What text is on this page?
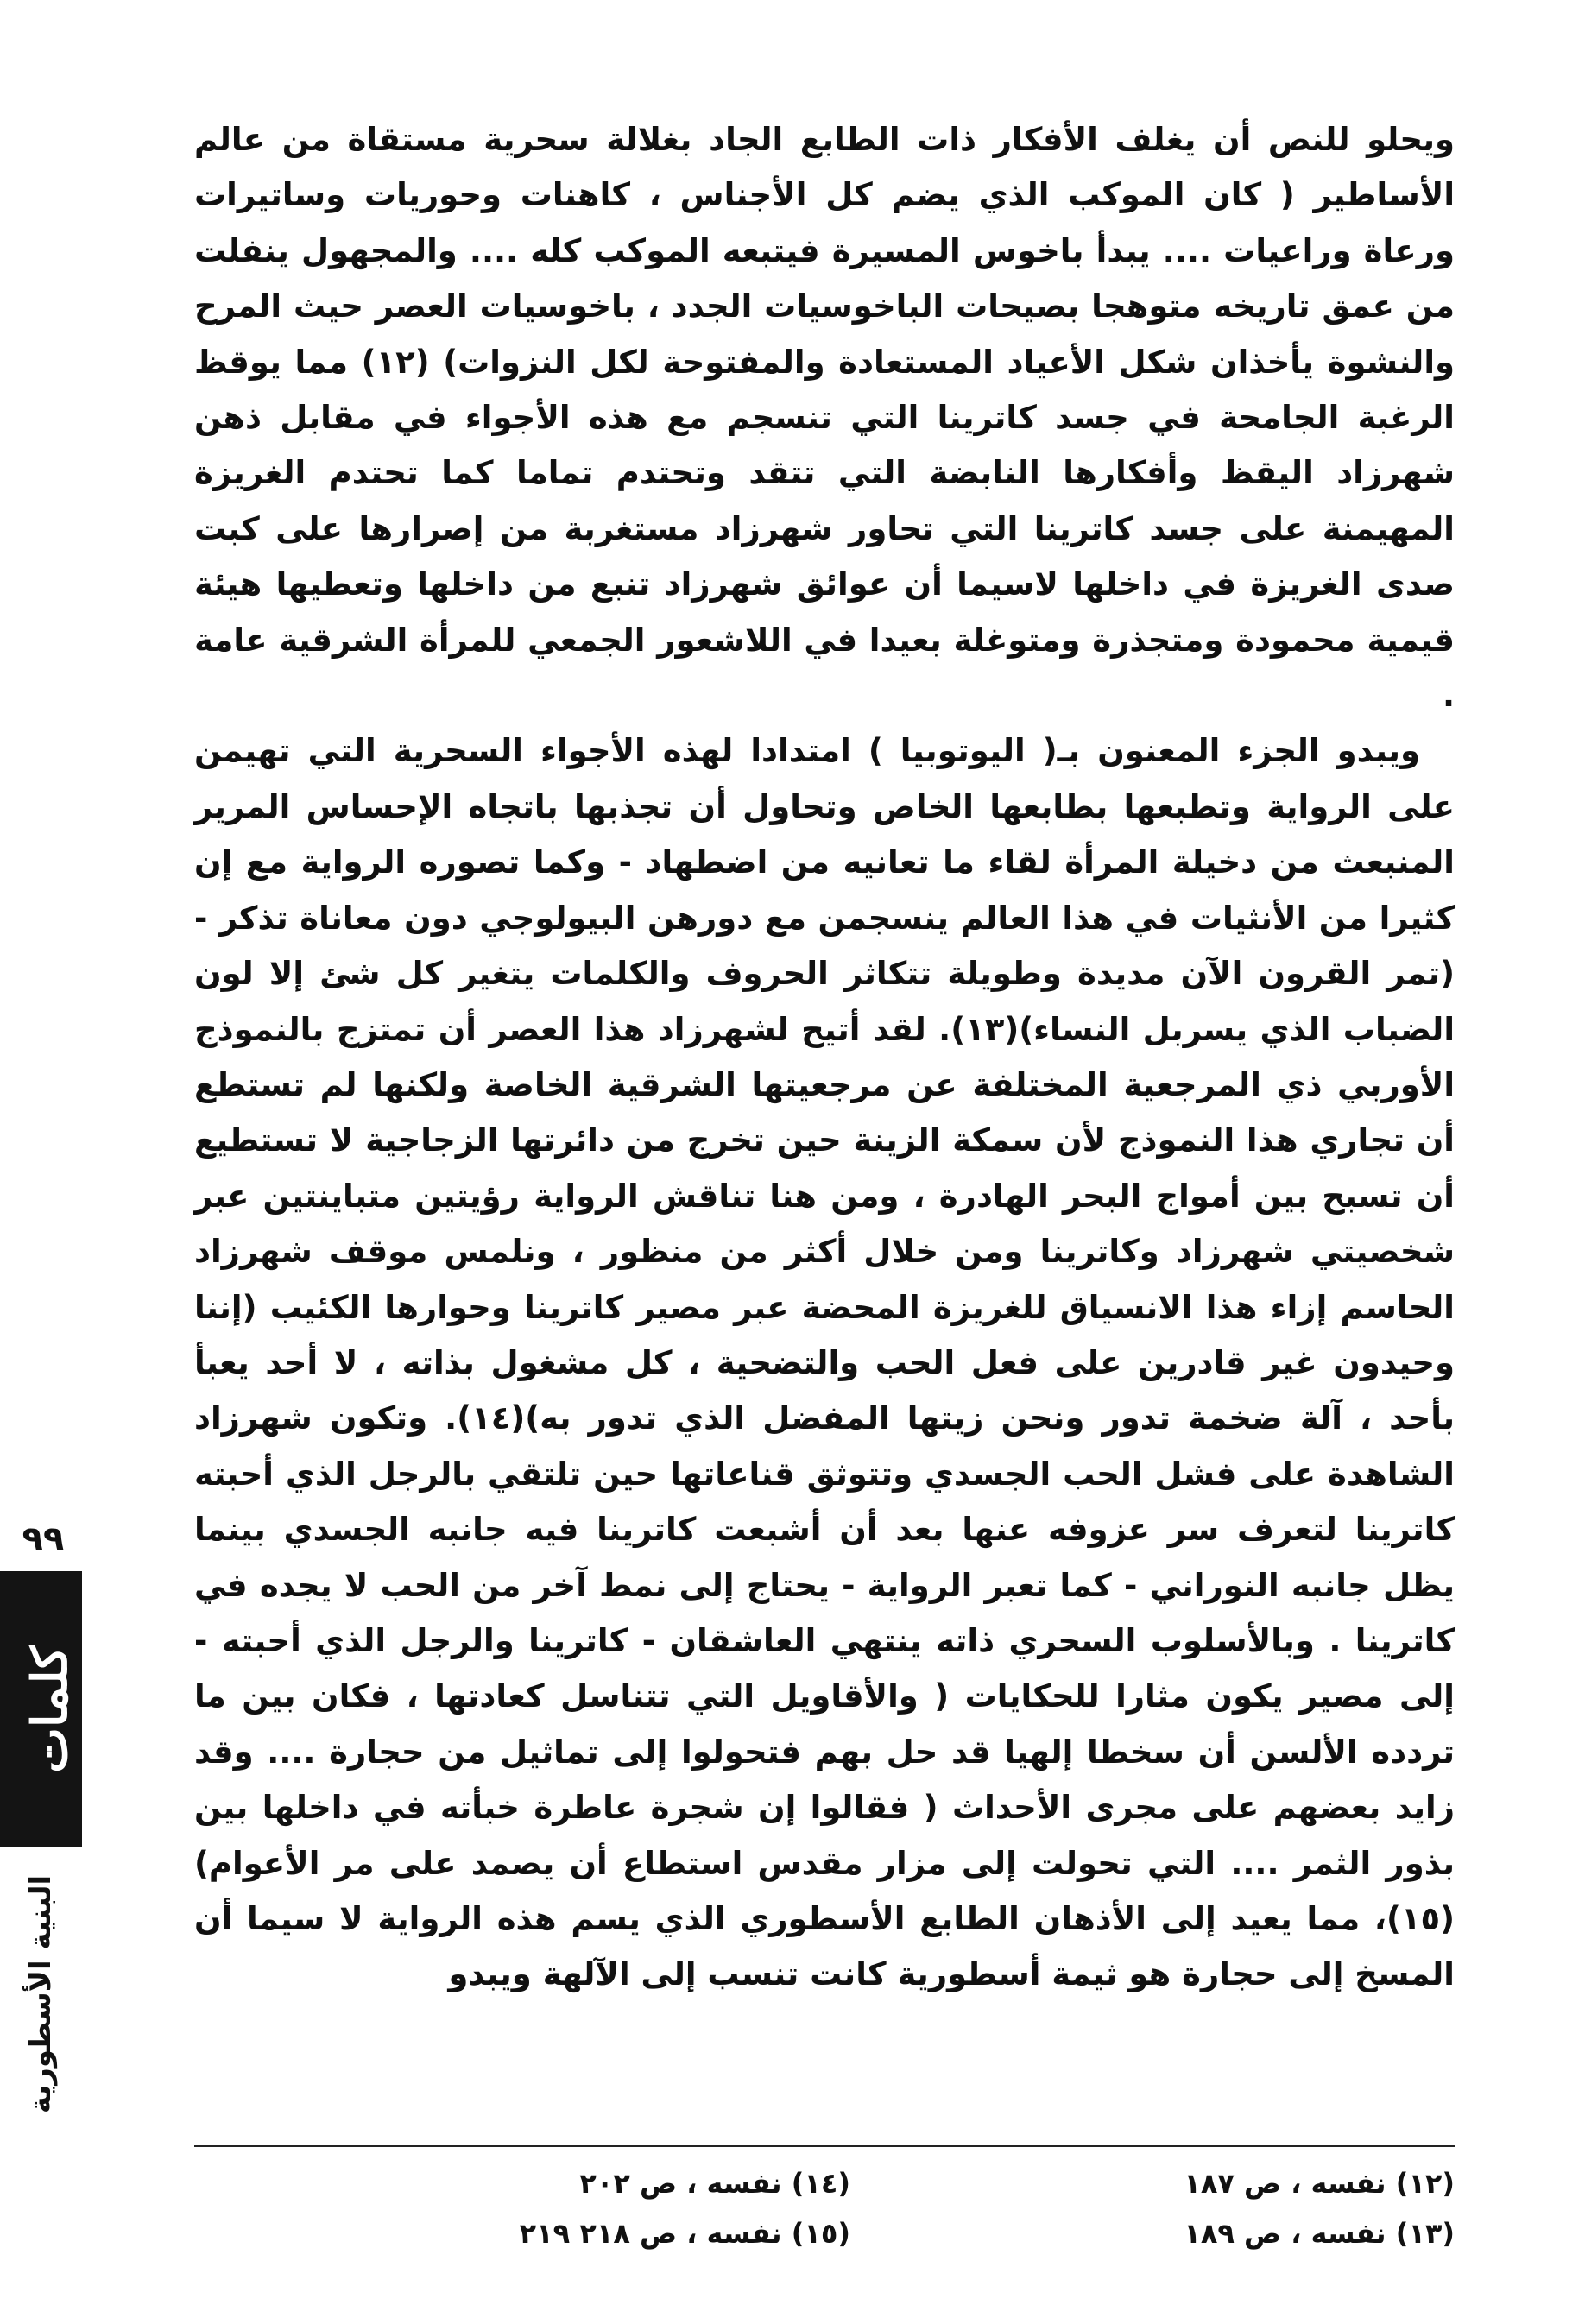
ويحلو للنص أن يغلف الأفكار ذات الطابع الجاد بغلالة سحرية مستقاة من عالم الأساطير ( كان الموكب الذي يضم كل الأجناس ، كاهنات وحوريات وساتيرات ورعاة وراعيات .... يبدأ باخوس المسيرة فيتبعه الموكب كله .... والمجهول ينفلت من عمق تاريخه متوهجا بصيحات الباخوسيات الجدد ، باخوسيات العصر حيث المرح والنشوة يأخذان شكل الأعياد المستعادة والمفتوحة لكل النزوات) (١٢) مما يوقظ الرغبة الجامحة في جسد كاترينا التي تنسجم مع هذه الأجواء في مقابل ذهن شهرزاد اليقظ وأفكارها النابضة التي تتقد وتحتدم تماما كما تحتدم الغريزة المهيمنة على جسد كاترينا التي تحاور شهرزاد مستغربة من إصرارها على كبت صدى الغريزة في داخلها لاسيما أن عوائق شهرزاد تنبع من داخلها وتعطيها هيئة قيمية محمودة ومتجذرة ومتوغلة بعيدا في اللاشعور الجمعي للمرأة الشرقية عامة .

ويبدو الجزء المعنون بـ( اليوتوبيا ) امتدادا لهذه الأجواء السحرية التي تهيمن على الرواية وتطبعها بطابعها الخاص وتحاول أن تجذبها باتجاه الإحساس المرير المنبعث من دخيلة المرأة لقاء ما تعانيه من اضطهاد - وكما تصوره الرواية مع إن كثيرا من الأنثيات في هذا العالم ينسجمن مع دورهن البيولوجي دون معاناة تذكر - (تمر القرون الآن مديدة وطويلة تتكاثر الحروف والكلمات يتغير كل شئ إلا لون الضباب الذي يسربل النساء)(١٣). لقد أتيح لشهرزاد هذا العصر أن تمتزج بالنموذج الأوربي ذي المرجعية المختلفة عن مرجعيتها الشرقية الخاصة ولكنها لم تستطع أن تجاري هذا النموذج لأن سمكة الزينة حين تخرج من دائرتها الزجاجية لا تستطيع أن تسبح بين أمواج البحر الهادرة ، ومن هنا تناقش الرواية رؤيتين متباينتين عبر شخصيتي شهرزاد وكاترينا ومن خلال أكثر من منظور ، ونلمس موقف شهرزاد الحاسم إزاء هذا الانسياق للغريزة المحضة عبر مصير كاترينا وحوارها الكئيب (إننا وحيدون غير قادرين على فعل الحب والتضحية ، كل مشغول بذاته ، لا أحد يعبأ بأحد ، آلة ضخمة تدور ونحن زيتها المفضل الذي تدور به)(١٤). وتكون شهرزاد الشاهدة على فشل الحب الجسدي وتتوثق قناعاتها حين تلتقي بالرجل الذي أحبته كاترينا لتعرف سر عزوفه عنها بعد أن أشبعت كاترينا فيه جانبه الجسدي بينما يظل جانبه النوراني - كما تعبر الرواية - يحتاج إلى نمط آخر من الحب لا يجده في كاترينا . وبالأسلوب السحري ذاته ينتهي العاشقان - كاترينا والرجل الذي أحبته - إلى مصير يكون مثارا للحكايات ( والأقاويل التي تتناسل كعادتها ، فكان بين ما تردده الألسن أن سخطا إلهيا قد حل بهم فتحولوا إلى تماثيل من حجارة .... وقد زايد بعضهم على مجرى الأحداث ( فقالوا إن شجرة عاطرة خبأته في داخلها بين بذور الثمر .... التي تحولت إلى مزار مقدس استطاع أن يصمد على مر الأعوام)(١٥)، مما يعيد إلى الأذهان الطابع الأسطوري الذي يسم هذه الرواية لا سيما أن المسخ إلى حجارة هو ثيمة أسطورية كانت تنسب إلى الآلهة ويبدو

(١٢) نفسه ، ص ١٨٧
(١٣) نفسه ، ص ١٨٩
(١٤) نفسه ، ص ٢٠٢
(١٥) نفسه ، ص ٢١٨ ٢١٩
٩٩
كلمات
البنية الأسطورية
